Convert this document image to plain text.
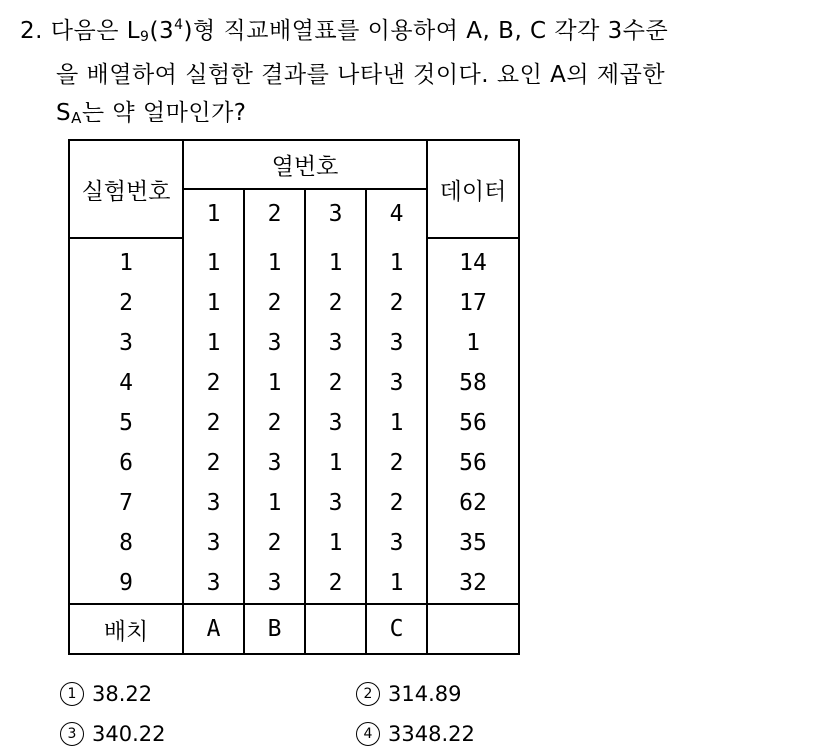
2. 다음은 $L_9(3^4)$형 직교배열표를 이용하여 A, B, C 각각 3수준
을 배열하여 실험한 결과를 나타낸 것이다. 요인 A의 제곱한
SA는 약 얼마인가?
실험번호	열번호				데이터
	1	2	3	4	
1	1	1	1	1	14
2	1	2	2	2	17
3	1	3	3	3	1
4	2	1	2	3	58
5	2	2	3	1	56
6	2	3	1	2	56
7	3	1	3	2	62
8	3	2	1	3	35
9	3	3	2	1	32
배치	A	B		C	
1 38.22	2 314.89
3 340.22	4 3348.22
